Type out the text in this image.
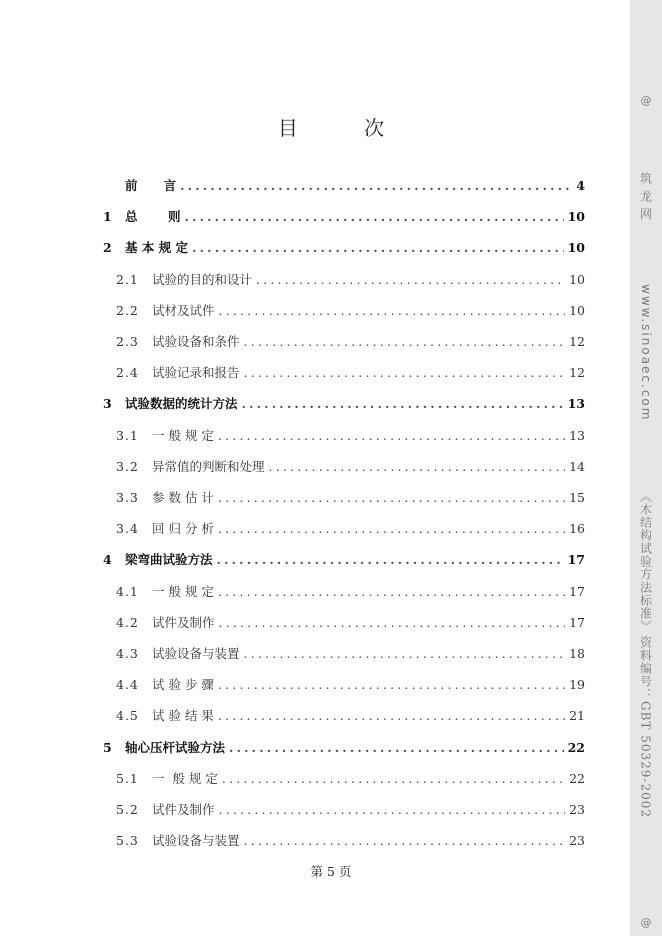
目 次
前      言 .....	4
1	总       则 .....	10
2	基 本 规 定 .....	10
2.1	试验的目的和设计 .....	10
2.2	试材及试件 .....	10
2.3	试验设备和条件 .....	12
2.4	试验记录和报告 .....	12
3	试验数据的统计方法 .....	13
3.1	一 般 规 定 .....	13
3.2	异常值的判断和处理 .....	14
3.3	参 数 估 计 .....	15
3.4	回 归 分 析 .....	16
4	梁弯曲试验方法 .....	17
4.1	一 般 规 定 .....	17
4.2	试件及制作 .....	17
4.3	试验设备与装置 .....	18
4.4	试 验 步 骤 .....	19
4.5	试 验 结 果 .....	21
5	轴心压杆试验方法 .....	22
5.1	一  般 规 定 .....	22
5.2	试件及制作 .....	23
5.3	试验设备与装置 .....	23
第 5 页
@
筑 龙 网
www.sinoaec.com
《木结构试验方法标准》
资料编号：GBT 50329-2002
@
